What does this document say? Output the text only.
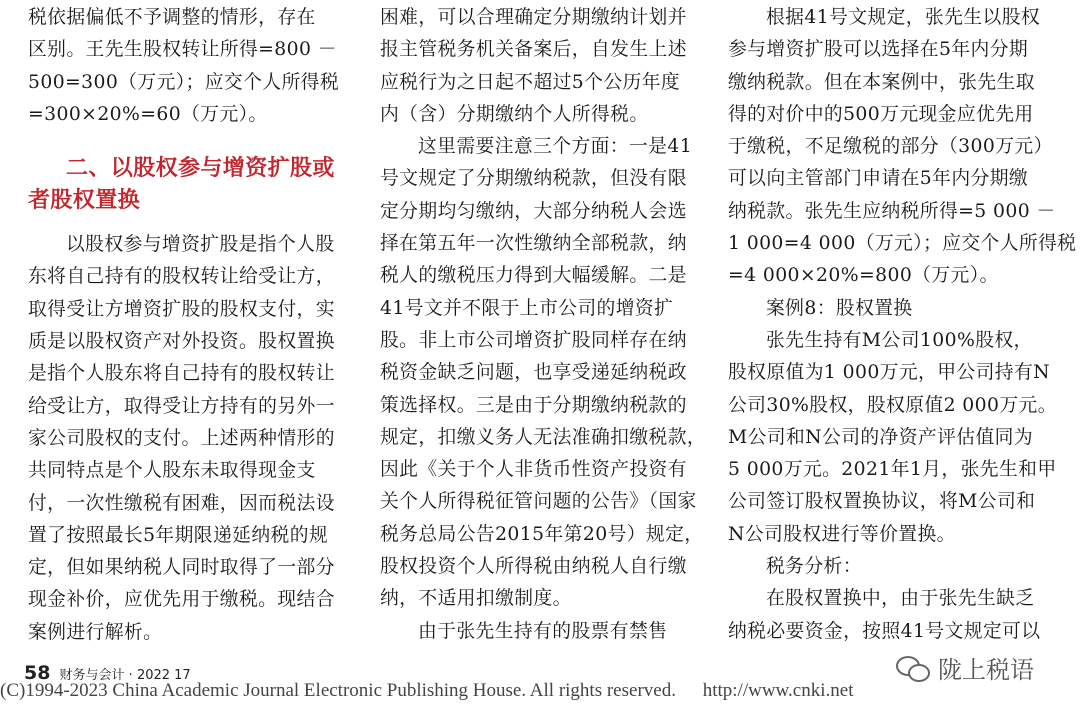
税依据偏低不予调整的情形，存在

区别。王先生股权转让所得=800 －

500=300（万元）；应交个人所得税

=300×20%=60（万元）。

二、以股权参与增资扩股或
者股权置换

以股权参与增资扩股是指个人股

东将自己持有的股权转让给受让方，

取得受让方增资扩股的股权支付，实

质是以股权资产对外投资。股权置换

是指个人股东将自己持有的股权转让

给受让方，取得受让方持有的另外一

家公司股权的支付。上述两种情形的

共同特点是个人股东未取得现金支

付，一次性缴税有困难，因而税法设

置了按照最长5年期限递延纳税的规

定，但如果纳税人同时取得了一部分

现金补价，应优先用于缴税。现结合

案例进行解析。

困难，可以合理确定分期缴纳计划并

报主管税务机关备案后，自发生上述

应税行为之日起不超过5个公历年度

内（含）分期缴纳个人所得税。

这里需要注意三个方面：一是41

号文规定了分期缴纳税款，但没有限

定分期均匀缴纳，大部分纳税人会选

择在第五年一次性缴纳全部税款，纳

税人的缴税压力得到大幅缓解。二是

41号文并不限于上市公司的增资扩

股。非上市公司增资扩股同样存在纳

税资金缺乏问题，也享受递延纳税政

策选择权。三是由于分期缴纳税款的

规定，扣缴义务人无法准确扣缴税款，

因此《关于个人非货币性资产投资有

关个人所得税征管问题的公告》（国家

税务总局公告2015年第20号）规定，

股权投资个人所得税由纳税人自行缴

纳，不适用扣缴制度。

由于张先生持有的股票有禁售

根据41号文规定，张先生以股权

参与增资扩股可以选择在5年内分期

缴纳税款。但在本案例中，张先生取

得的对价中的500万元现金应优先用

于缴税，不足缴税的部分（300万元）

可以向主管部门申请在5年内分期缴

纳税款。张先生应纳税所得=5 000 －

1 000=4 000（万元）；应交个人所得税

=4 000×20%=800（万元）。

案例8：股权置换

张先生持有M公司100%股权，

股权原值为1 000万元，甲公司持有N

公司30%股权，股权原值2 000万元。

M公司和N公司的净资产评估值同为

5 000万元。2021年1月，张先生和甲

公司签订股权置换协议，将M公司和

N公司股权进行等价置换。

税务分析：

在股权置换中，由于张先生缺乏

纳税必要资金，按照41号文规定可以

58 财务与会计 · 2022 17	陇上税语
(C)1994-2023 China Academic Journal Electronic Publishing House. All rights reserved. http://www.cnki.net
